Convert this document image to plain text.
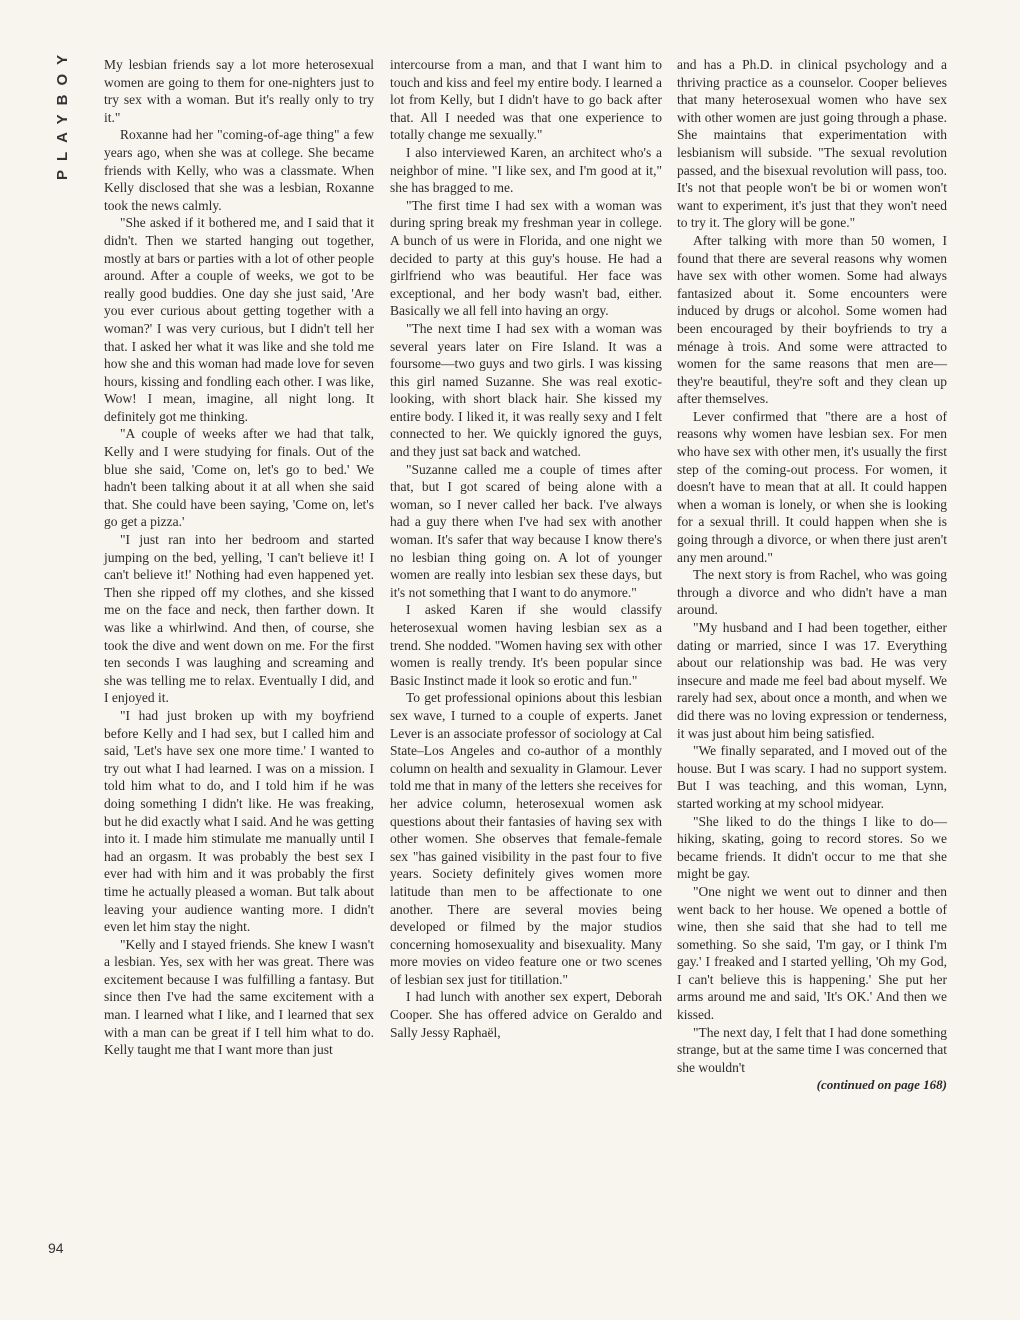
PLAYBOY My lesbian friends say a lot more heterosexual women are going to them for one-nighters just to try sex with a woman. But it's really only to try it."

Roxanne had her "coming-of-age thing" a few years ago, when she was at college. She became friends with Kelly, who was a classmate. When Kelly disclosed that she was a lesbian, Roxanne took the news calmly.

"She asked if it bothered me, and I said that it didn't. Then we started hanging out together, mostly at bars or parties with a lot of other people around. After a couple of weeks, we got to be really good buddies. One day she just said, 'Are you ever curious about getting together with a woman?' I was very curious, but I didn't tell her that. I asked her what it was like and she told me how she and this woman had made love for seven hours, kissing and fondling each other. I was like, Wow! I mean, imagine, all night long. It definitely got me thinking.

"A couple of weeks after we had that talk, Kelly and I were studying for finals. Out of the blue she said, 'Come on, let's go to bed.' We hadn't been talking about it at all when she said that. She could have been saying, 'Come on, let's go get a pizza.'

"I just ran into her bedroom and started jumping on the bed, yelling, 'I can't believe it! I can't believe it!' Nothing had even happened yet. Then she ripped off my clothes, and she kissed me on the face and neck, then farther down. It was like a whirlwind. And then, of course, she took the dive and went down on me. For the first ten seconds I was laughing and screaming and she was telling me to relax. Eventually I did, and I enjoyed it.

"I had just broken up with my boyfriend before Kelly and I had sex, but I called him and said, 'Let's have sex one more time.' I wanted to try out what I had learned. I was on a mission. I told him what to do, and I told him if he was doing something I didn't like. He was freaking, but he did exactly what I said. And he was getting into it. I made him stimulate me manually until I had an orgasm. It was probably the best sex I ever had with him and it was probably the first time he actually pleased a woman. But talk about leaving your audience wanting more. I didn't even let him stay the night.

"Kelly and I stayed friends. She knew I wasn't a lesbian. Yes, sex with her was great. There was excitement because I was fulfilling a fantasy. But since then I've had the same excitement with a man. I learned what I like, and I learned that sex with a man can be great if I tell him what to do. Kelly taught me that I want more than just

intercourse from a man, and that I want him to touch and kiss and feel my entire body. I learned a lot from Kelly, but I didn't have to go back after that. All I needed was that one experience to totally change me sexually."

I also interviewed Karen, an architect who's a neighbor of mine. "I like sex, and I'm good at it," she has bragged to me.

"The first time I had sex with a woman was during spring break my freshman year in college. A bunch of us were in Florida, and one night we decided to party at this guy's house. He had a girlfriend who was beautiful. Her face was exceptional, and her body wasn't bad, either. Basically we all fell into having an orgy.

"The next time I had sex with a woman was several years later on Fire Island. It was a foursome—two guys and two girls. I was kissing this girl named Suzanne. She was real exotic-looking, with short black hair. She kissed my entire body. I liked it, it was really sexy and I felt connected to her. We quickly ignored the guys, and they just sat back and watched.

"Suzanne called me a couple of times after that, but I got scared of being alone with a woman, so I never called her back. I've always had a guy there when I've had sex with another woman. It's safer that way because I know there's no lesbian thing going on. A lot of younger women are really into lesbian sex these days, but it's not something that I want to do anymore."

I asked Karen if she would classify heterosexual women having lesbian sex as a trend. She nodded. "Women having sex with other women is really trendy. It's been popular since Basic Instinct made it look so erotic and fun."

To get professional opinions about this lesbian sex wave, I turned to a couple of experts. Janet Lever is an associate professor of sociology at Cal State–Los Angeles and co-author of a monthly column on health and sexuality in Glamour. Lever told me that in many of the letters she receives for her advice column, heterosexual women ask questions about their fantasies of having sex with other women. She observes that female-female sex "has gained visibility in the past four to five years. Society definitely gives women more latitude than men to be affectionate to one another. There are several movies being developed or filmed by the major studios concerning homosexuality and bisexuality. Many more movies on video feature one or two scenes of lesbian sex just for titillation."

I had lunch with another sex expert, Deborah Cooper. She has offered advice on Geraldo and Sally Jessy Raphaël,

and has a Ph.D. in clinical psychology and a thriving practice as a counselor. Cooper believes that many heterosexual women who have sex with other women are just going through a phase. She maintains that experimentation with lesbianism will subside. "The sexual revolution passed, and the bisexual revolution will pass, too. It's not that people won't be bi or women won't want to experiment, it's just that they won't need to try it. The glory will be gone."

After talking with more than 50 women, I found that there are several reasons why women have sex with other women. Some had always fantasized about it. Some encounters were induced by drugs or alcohol. Some women had been encouraged by their boyfriends to try a ménage à trois. And some were attracted to women for the same reasons that men are—they're beautiful, they're soft and they clean up after themselves.

Lever confirmed that "there are a host of reasons why women have lesbian sex. For men who have sex with other men, it's usually the first step of the coming-out process. For women, it doesn't have to mean that at all. It could happen when a woman is lonely, or when she is looking for a sexual thrill. It could happen when she is going through a divorce, or when there just aren't any men around."

The next story is from Rachel, who was going through a divorce and who didn't have a man around.

"My husband and I had been together, either dating or married, since I was 17. Everything about our relationship was bad. He was very insecure and made me feel bad about myself. We rarely had sex, about once a month, and when we did there was no loving expression or tenderness, it was just about him being satisfied.

"We finally separated, and I moved out of the house. But I was scary. I had no support system. But I was teaching, and this woman, Lynn, started working at my school midyear.

"She liked to do the things I like to do—hiking, skating, going to record stores. So we became friends. It didn't occur to me that she might be gay.

"One night we went out to dinner and then went back to her house. We opened a bottle of wine, then she said that she had to tell me something. So she said, 'I'm gay, or I think I'm gay.' I freaked and I started yelling, 'Oh my God, I can't believe this is happening.' She put her arms around me and said, 'It's OK.' And then we kissed.

"The next day, I felt that I had done something strange, but at the same time I was concerned that she wouldn't

(continued on page 168)

94
